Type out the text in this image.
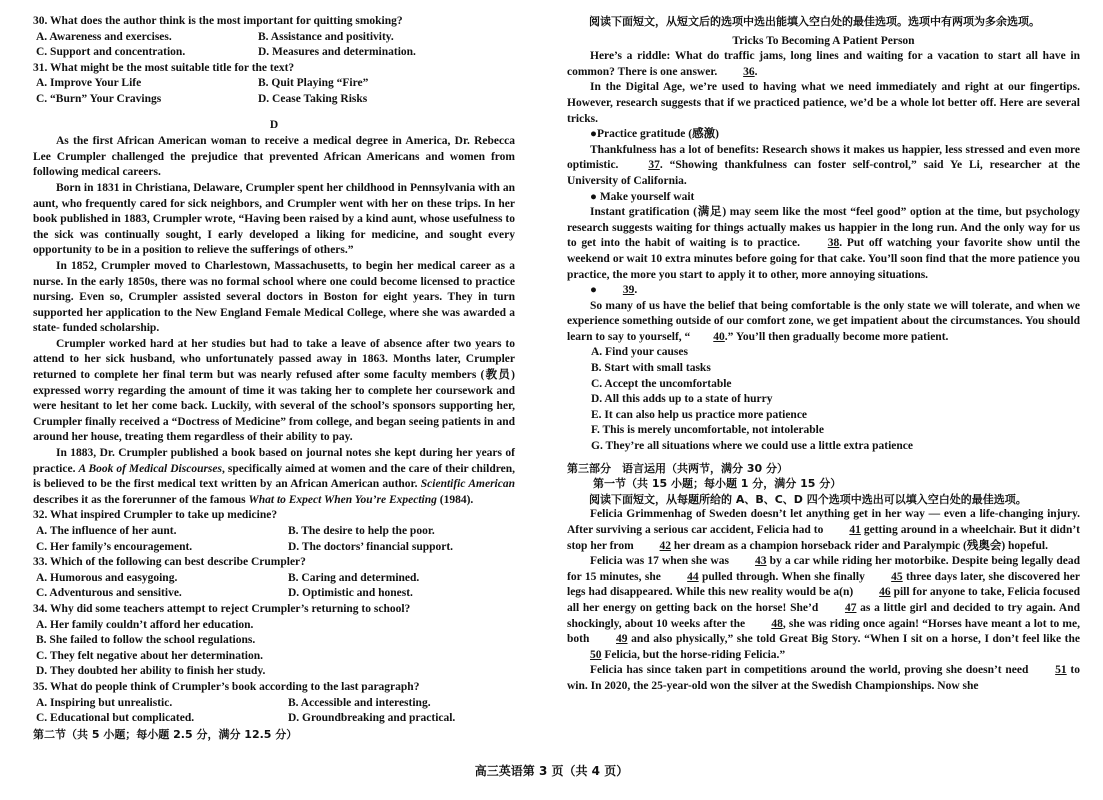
30. What does the author think is the most important for quitting smoking?
A. Awareness and exercises.	B. Assistance and positivity.
C. Support and concentration.	D. Measures and determination.
31. What might be the most suitable title for the text?
A. Improve Your Life	B. Quit Playing “Fire”
C. “Burn” Your Cravings	D. Cease Taking Risks
D
As the first African American woman to receive a medical degree in America, Dr. Rebecca Lee Crumpler challenged the prejudice that prevented African Americans and women from following medical careers.
Born in 1831 in Christiana, Delaware, Crumpler spent her childhood in Pennsylvania with an aunt, who frequently cared for sick neighbors, and Crumpler went with her on these trips. In her book published in 1883, Crumpler wrote, “Having been raised by a kind aunt, whose usefulness to the sick was continually sought, I early developed a liking for medicine, and sought every opportunity to be in a position to relieve the sufferings of others.”
In 1852, Crumpler moved to Charlestown, Massachusetts, to begin her medical career as a nurse. In the early 1850s, there was no formal school where one could become licensed to practice nursing. Even so, Crumpler assisted several doctors in Boston for eight years. They in turn supported her application to the New England Female Medical College, where she was awarded a state- funded scholarship.
Crumpler worked hard at her studies but had to take a leave of absence after two years to attend to her sick husband, who unfortunately passed away in 1863. Months later, Crumpler returned to complete her final term but was nearly refused after some faculty members (教员) expressed worry regarding the amount of time it was taking her to complete her coursework and were hesitant to let her come back. Luckily, with several of the school’s sponsors supporting her, Crumpler finally received a “Doctress of Medicine” from college, and began seeing patients in and around her house, treating them regardless of their ability to pay.
In 1883, Dr. Crumpler published a book based on journal notes she kept during her years of practice. A Book of Medical Discourses, specifically aimed at women and the care of their children, is believed to be the first medical text written by an African American author. Scientific American describes it as the forerunner of the famous What to Expect When You’re Expecting (1984).
32. What inspired Crumpler to take up medicine?
A. The influence of her aunt.	B. The desire to help the poor.
C. Her family’s encouragement.	D. The doctors’ financial support.
33. Which of the following can best describe Crumpler?
A. Humorous and easygoing.	B. Caring and determined.
C. Adventurous and sensitive.	D. Optimistic and honest.
34. Why did some teachers attempt to reject Crumpler’s returning to school?
A. Her family couldn’t afford her education.
B. She failed to follow the school regulations.
C. They felt negative about her determination.
D. They doubted her ability to finish her study.
35. What do people think of Crumpler’s book according to the last paragraph?
A. Inspiring but unrealistic.	B. Accessible and interesting.
C. Educational but complicated.	D. Groundbreaking and practical.
第二节（共 5 小题；每小题 2.5 分，满分 12.5 分）
阅读下面短文，从短文后的选项中选出能填入空白处的最佳选项。选项中有两项为多余选项。
Tricks To Becoming A Patient Person
Here’s a riddle: What do traffic jams, long lines and waiting for a vacation to start all have in common? There is one answer. 36.
In the Digital Age, we’re used to having what we need immediately and right at our fingertips. However, research suggests that if we practiced patience, we’d be a whole lot better off. Here are several tricks.
●Practice gratitude (感激)
Thankfulness has a lot of benefits: Research shows it makes us happier, less stressed and even more optimistic. 37. “Showing thankfulness can foster self-control,” said Ye Li, researcher at the University of California.
● Make yourself wait
Instant gratification (满足) may seem like the most “feel good” option at the time, but psychology research suggests waiting for things actually makes us happier in the long run. And the only way for us to get into the habit of waiting is to practice. 38. Put off watching your favorite show until the weekend or wait 10 extra minutes before going for that cake. You’ll soon find that the more patience you practice, the more you start to apply it to other, more annoying situations.
● 39.
So many of us have the belief that being comfortable is the only state we will tolerate, and when we experience something outside of our comfort zone, we get impatient about the circumstances. You should learn to say to yourself, “ 40.” You’ll then gradually become more patient.
A. Find your causes
B. Start with small tasks
C. Accept the uncomfortable
D. All this adds up to a state of hurry
E. It can also help us practice more patience
F. This is merely uncomfortable, not intolerable
G. They’re all situations where we could use a little extra patience
第三部分　语言运用（共两节，满分 30 分）
第一节（共 15 小题；每小题 1 分，满分 15 分）
阅读下面短文，从每题所给的 A、B、C、D 四个选项中选出可以填入空白处的最佳选项。
Felicia Grimmenhag of Sweden doesn’t let anything get in her way — even a life-changing injury. After surviving a serious car accident, Felicia had to 41 getting around in a wheelchair. But it didn’t stop her from 42 her dream as a champion horseback rider and Paralympic (残奥会) hopeful.
Felicia was 17 when she was 43 by a car while riding her motorbike. Despite being legally dead for 15 minutes, she 44 pulled through. When she finally 45 three days later, she discovered her legs had disappeared. While this new reality would be a(n) 46 pill for anyone to take, Felicia focused all her energy on getting back on the horse! She’d 47 as a little girl and decided to try again. And shockingly, about 10 weeks after the 48, she was riding once again! “Horses have meant a lot to me, both 49 and also physically,” she told Great Big Story. “When I sit on a horse, I don’t feel like the 50 Felicia, but the horse-riding Felicia.”
Felicia has since taken part in competitions around the world, proving she doesn’t need 51 to win. In 2020, the 25-year-old won the silver at the Swedish Championships. Now she
高三英语第 3 页（共 4 页）
